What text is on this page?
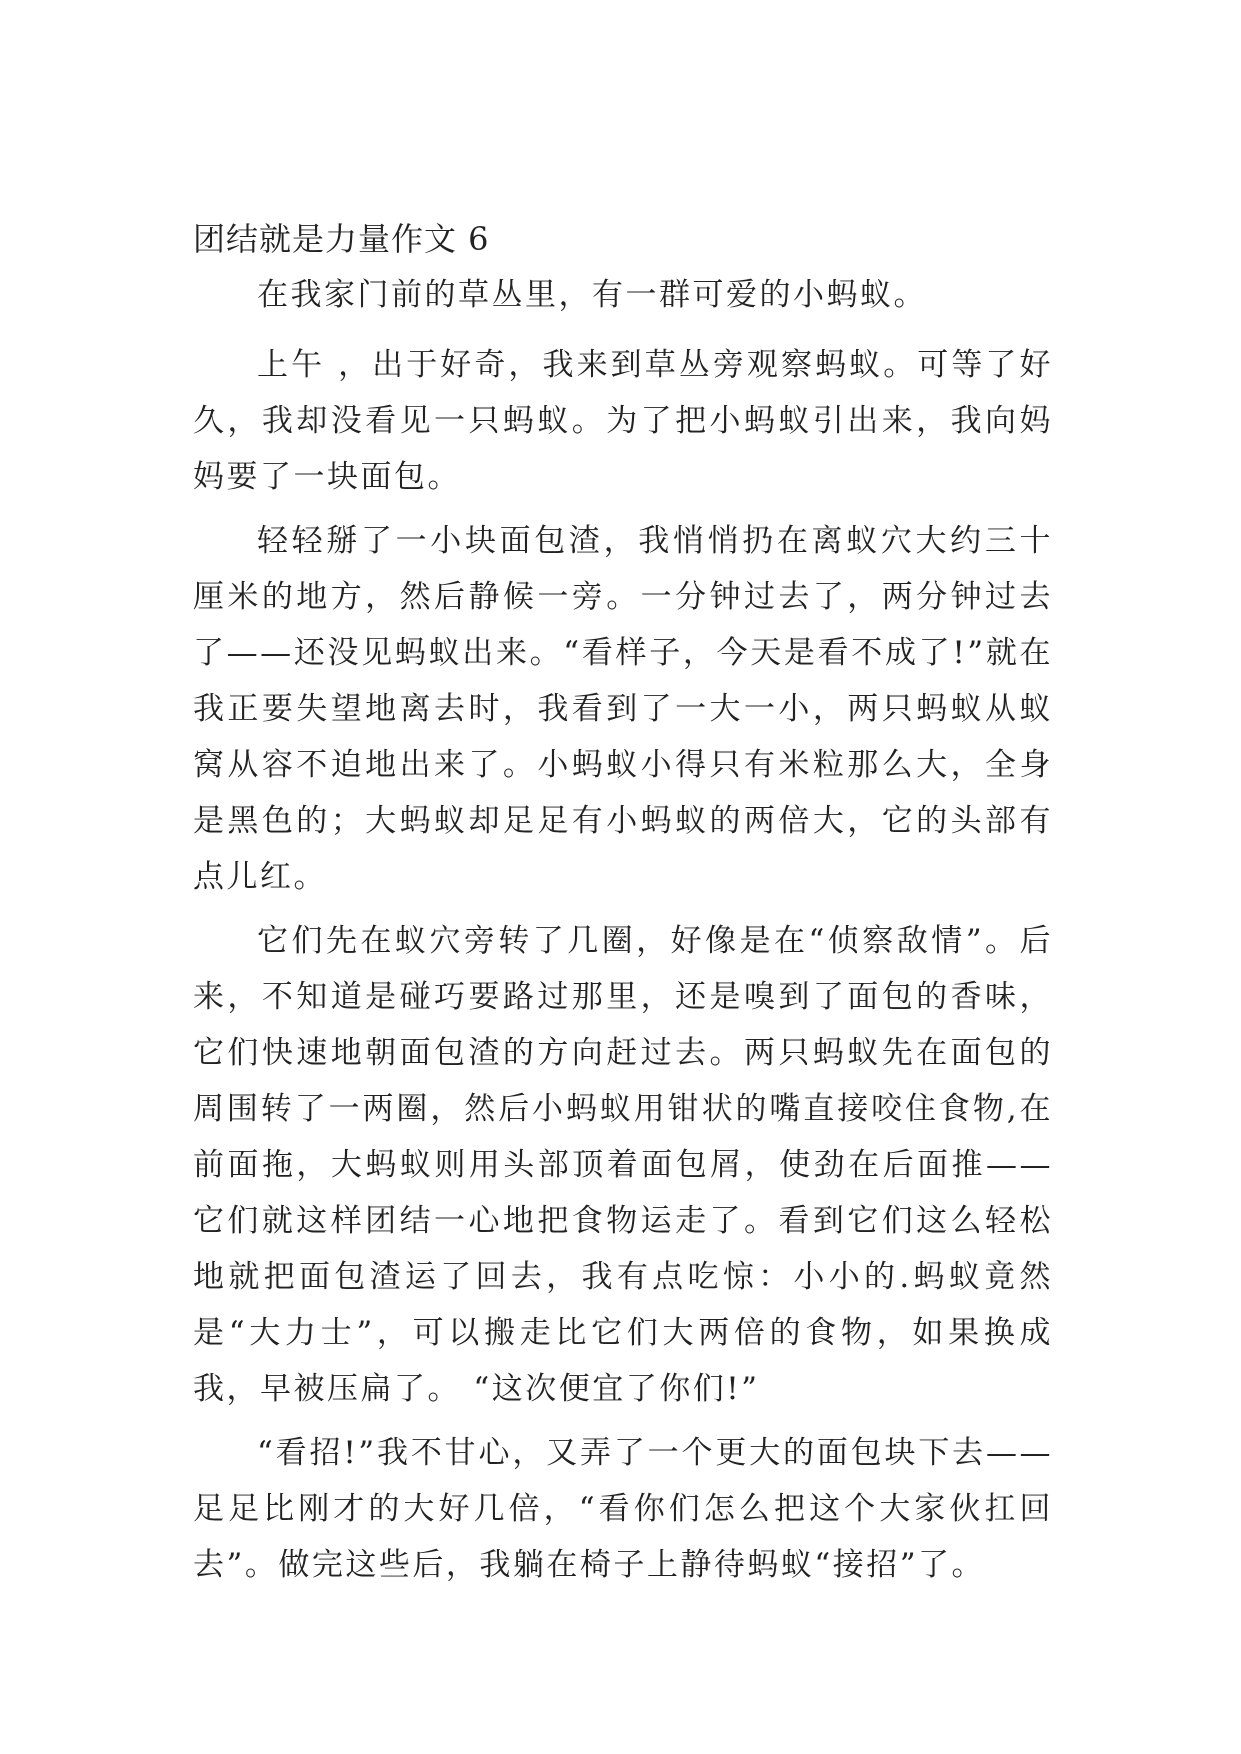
团结就是力量作文 6

在我家门前的草丛里，有一群可爱的小蚂蚁。

上午 ，出于好奇，我来到草丛旁观察蚂蚁。可等了好久，我却没看见一只蚂蚁。为了把小蚂蚁引出来，我向妈妈要了一块面包。

轻轻掰了一小块面包渣，我悄悄扔在离蚁穴大约三十厘米的地方，然后静候一旁。一分钟过去了，两分钟过去了——还没见蚂蚁出来。“看样子，今天是看不成了!”就在我正要失望地离去时，我看到了一大一小，两只蚂蚁从蚁窝从容不迫地出来了。小蚂蚁小得只有米粒那么大，全身是黑色的；大蚂蚁却足足有小蚂蚁的两倍大，它的头部有点儿红。

它们先在蚁穴旁转了几圈，好像是在“侦察敌情”。后来，不知道是碰巧要路过那里，还是嗅到了面包的香味，它们快速地朝面包渣的方向赶过去。两只蚂蚁先在面包的周围转了一两圈，然后小蚂蚁用钳状的嘴直接咬住食物,在前面拖，大蚂蚁则用头部顶着面包屑，使劲在后面推——它们就这样团结一心地把食物运走了。看到它们这么轻松地就把面包渣运了回去，我有点吃惊：小小的.蚂蚁竟然是“大力士”，可以搬走比它们大两倍的食物，如果换成我，早被压扁了。 “这次便宜了你们!”

“看招!”我不甘心，又弄了一个更大的面包块下去——足足比刚才的大好几倍，“看你们怎么把这个大家伙扛回去”。做完这些后，我躺在椅子上静待蚂蚁“接招”了。
